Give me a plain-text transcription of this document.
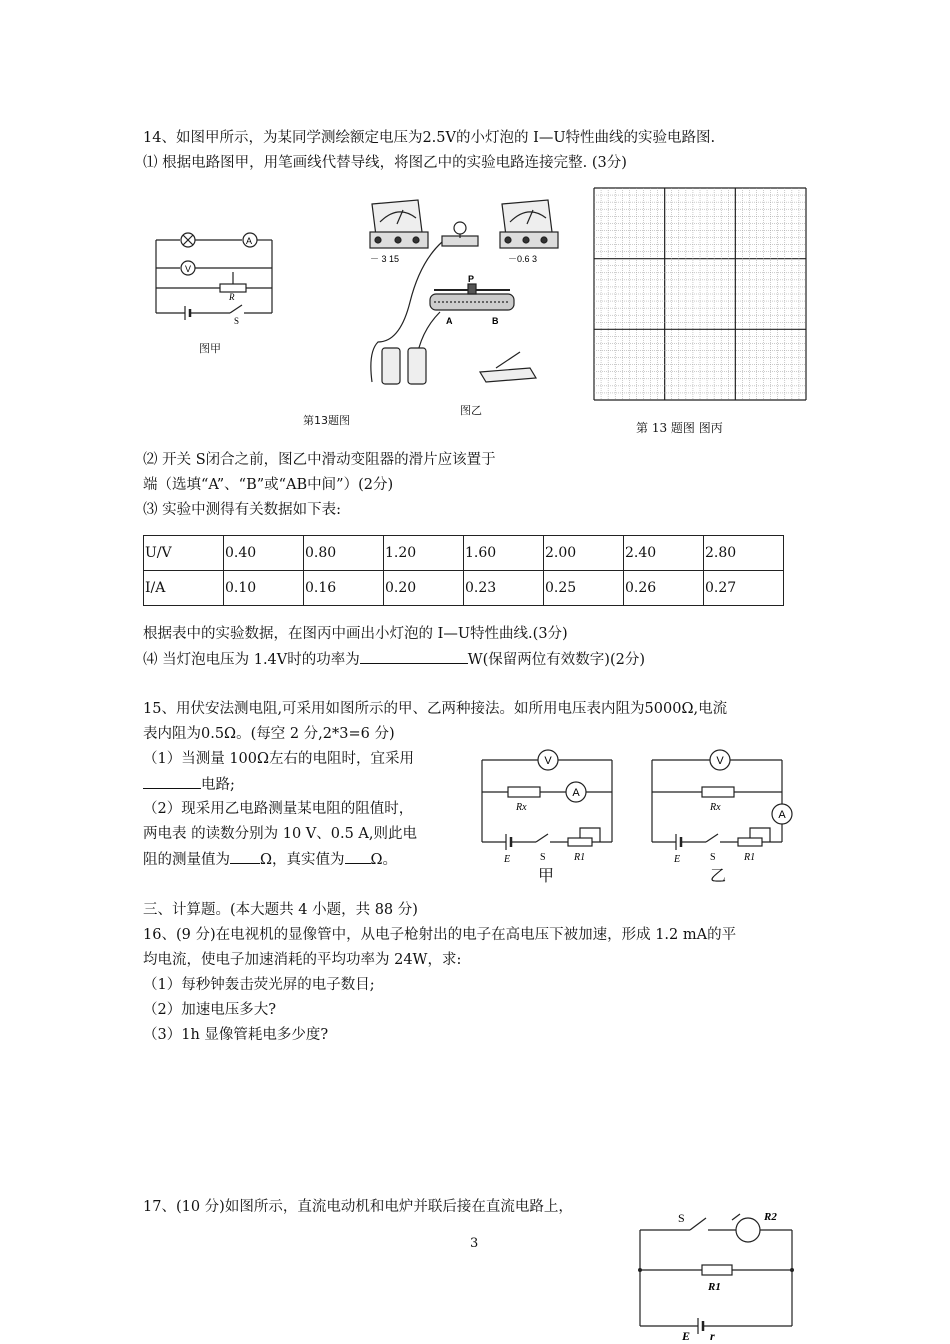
14、如图甲所示，为某同学测绘额定电压为2.5V的小灯泡的 I—U特性曲线的实验电路图.
⑴ 根据电路图甲，用笔画线代替导线，将图乙中的实验电路连接完整. (3分)
A
V
R
S
图甲
－ 3 15	－0.6 3
P
A	B
第13题图
图乙
第 13 题图 图丙
⑵ 开关 S闭合之前，图乙中滑动变阻器的滑片应该置于
端（选填“A”、“B”或“AB中间”）(2分)
⑶ 实验中测得有关数据如下表:
U/V	0.40	0.80	1.20	1.60	2.00	2.40	2.80
I/A	0.10	0.16	0.20	0.23	0.25	0.26	0.27
根据表中的实验数据，在图丙中画出小灯泡的 I—U特性曲线.(3分)
⑷ 当灯泡电压为 1.4V时的功率为	W(保留两位有效数字)(2分)
15、用伏安法测电阻,可采用如图所示的甲、乙两种接法。如所用电压表内阻为5000Ω,电流
表内阻为0.5Ω。(每空 2 分,2*3=6 分)
（1）当测量 100Ω左右的电阻时，宜采用
电路;
（2）现采用乙电路测量某电阻的阻值时，
两电表 的读数分别为 10 V、0.5 A,则此电
阻的测量值为 Ω，真实值为 Ω。
V
A
Rx
E	S	R1
甲
V
A
Rx
E	S	R1
乙
三、计算题。(本大题共 4 小题，共 88 分)
16、(9 分)在电视机的显像管中，从电子枪射出的电子在高电压下被加速，形成 1.2 mA的平
均电流，使电子加速消耗的平均功率为 24W，求:
（1）每秒钟轰击荧光屏的电子数目;
（2）加速电压多大?
（3）1h 显像管耗电多少度?
17、(10 分)如图所示，直流电动机和电炉并联后接在直流电路上，
S	R2
R1
E r
3
